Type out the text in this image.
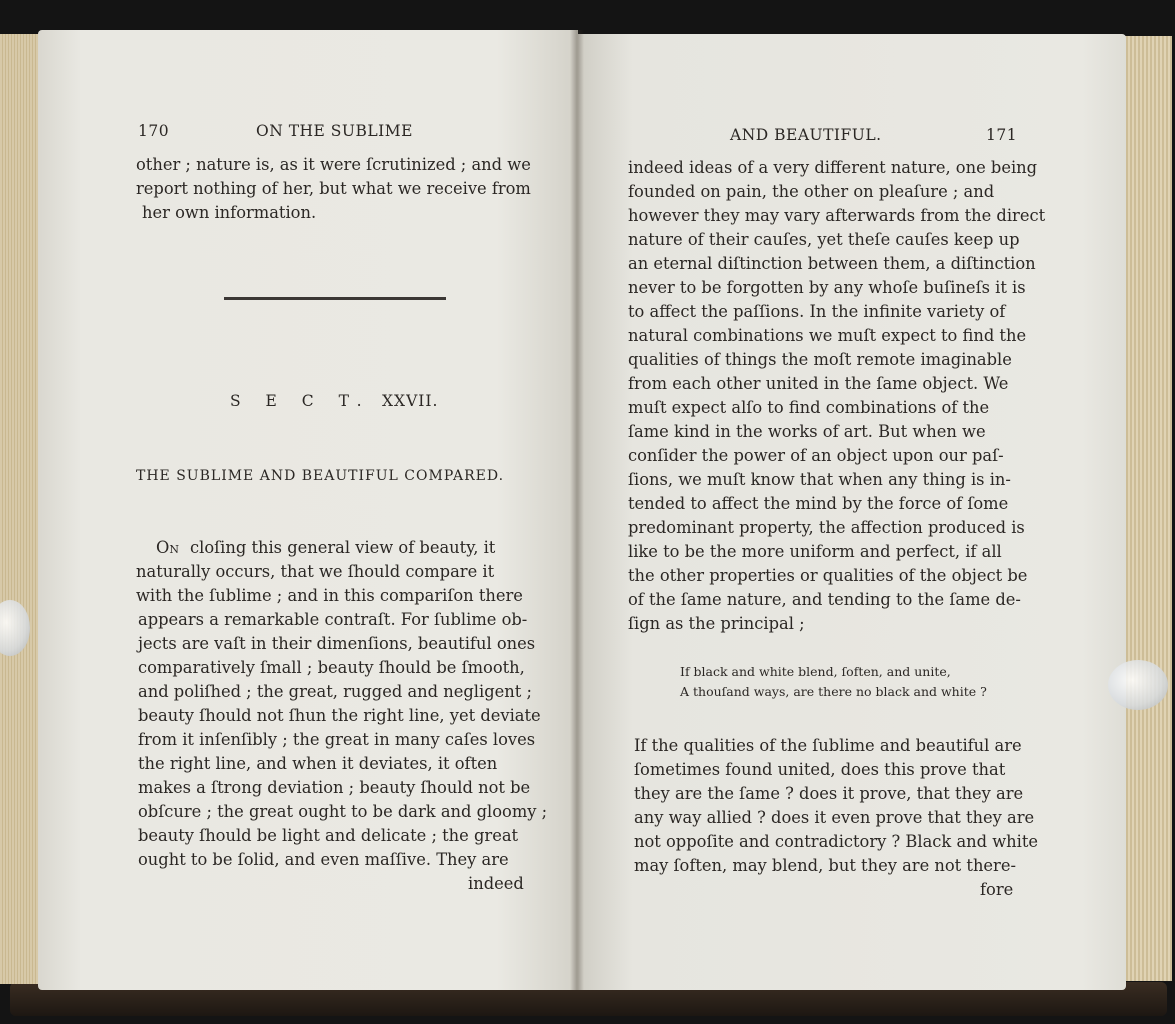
170	ON THE SUBLIME
other ; nature is, as it were ſcrutinized ; and we
report nothing of her, but what we receive from
her own information.
S E C T. XXVII.
THE SUBLIME AND BEAUTIFUL COMPARED.
On cloſing this general view of beauty, it
naturally occurs, that we ſhould compare it
with the ſublime ; and in this compariſon there
appears a remarkable contraſt. For ſublime ob-
jects are vaſt in their dimenſions, beautiful ones
comparatively ſmall ; beauty ſhould be ſmooth,
and poliſhed ; the great, rugged and negligent ;
beauty ſhould not ſhun the right line, yet deviate
from it inſenſibly ; the great in many caſes loves
the right line, and when it deviates, it often
makes a ſtrong deviation ; beauty ſhould not be
obſcure ; the great ought to be dark and gloomy ;
beauty ſhould be light and delicate ; the great
ought to be ſolid, and even maſſive. They are
indeed
AND BEAUTIFUL.	171
indeed ideas of a very different nature, one being
founded on pain, the other on pleaſure ; and
however they may vary afterwards from the direct
nature of their cauſes, yet theſe cauſes keep up
an eternal diſtinction between them, a diſtinction
never to be forgotten by any whoſe buſineſs it is
to affect the paſſions. In the infinite variety of
natural combinations we muſt expect to find the
qualities of things the moſt remote imaginable
from each other united in the ſame object. We
muſt expect alſo to find combinations of the
ſame kind in the works of art. But when we
conſider the power of an object upon our paſ-
ſions, we muſt know that when any thing is in-
tended to affect the mind by the force of ſome
predominant property, the affection produced is
like to be the more uniform and perfect, if all
the other properties or qualities of the object be
of the ſame nature, and tending to the ſame de-
ſign as the principal ;
If black and white blend, ſoften, and unite,
A thouſand ways, are there no black and white ?
If the qualities of the ſublime and beautiful are
ſometimes found united, does this prove that
they are the ſame ? does it prove, that they are
any way allied ? does it even prove that they are
not oppoſite and contradictory ? Black and white
may ſoften, may blend, but they are not there-
fore
